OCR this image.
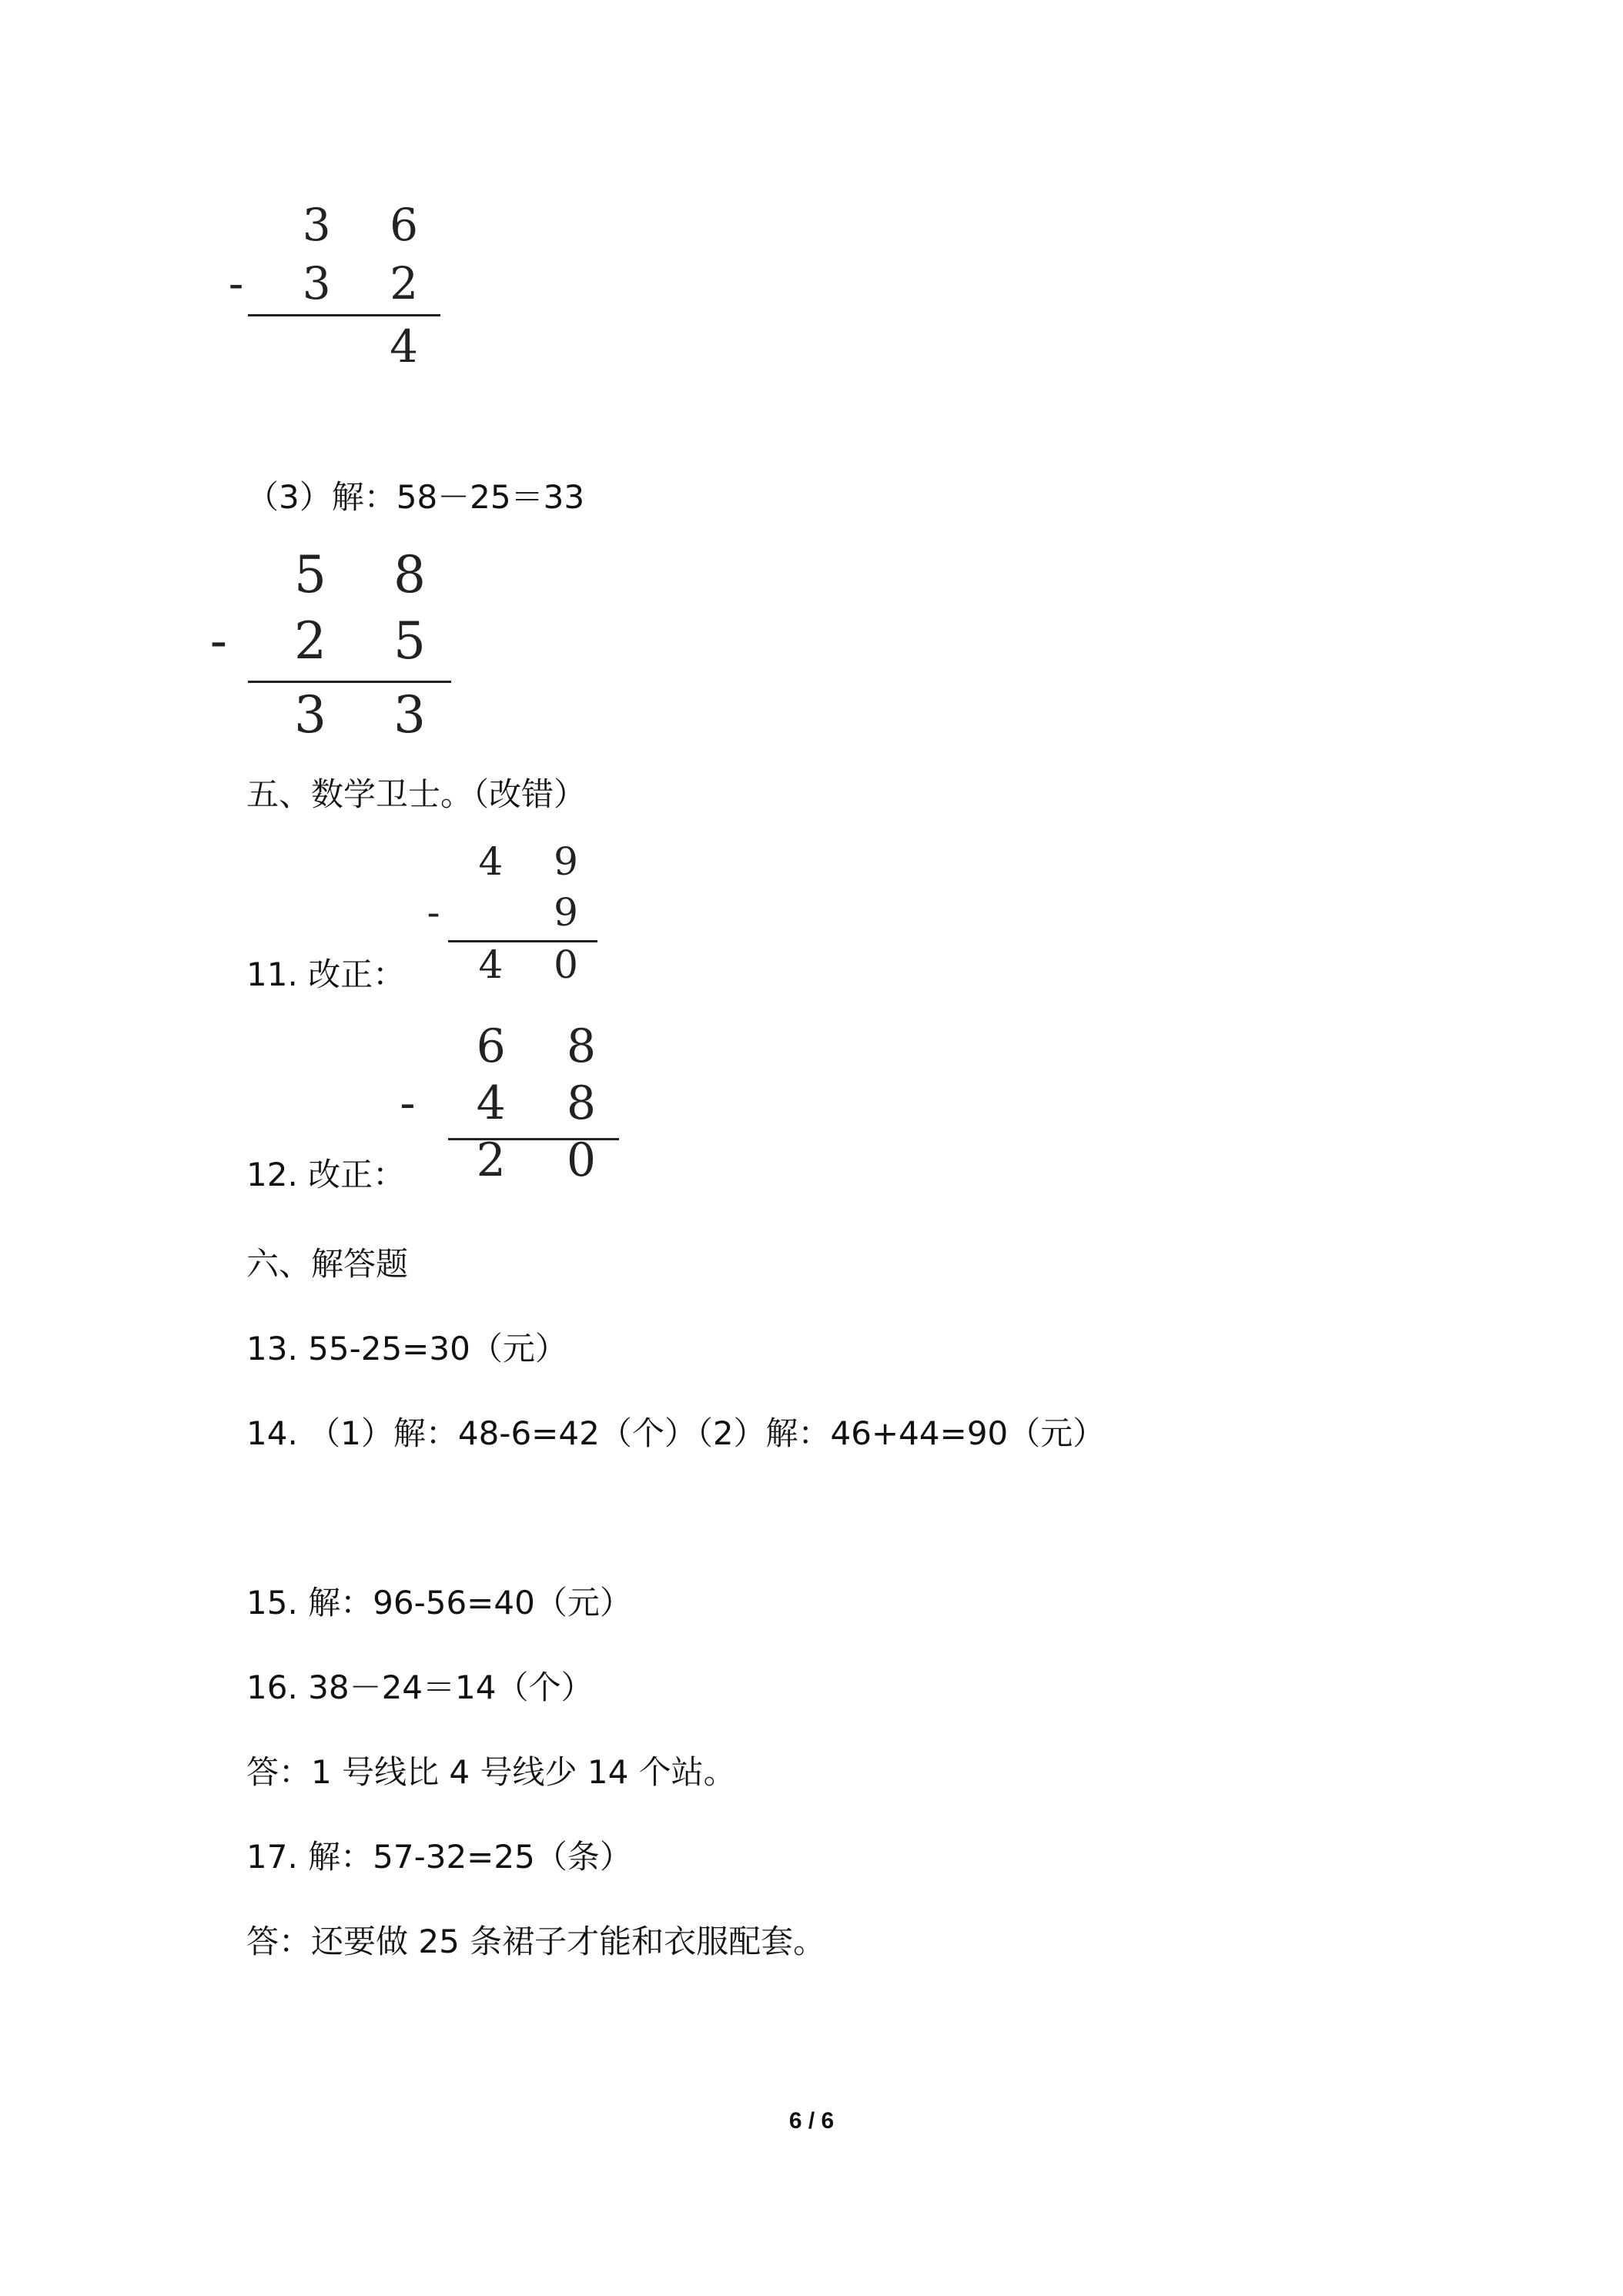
3 6
- 3 2
4
（3）解：58－25＝33
5 8
- 2 5
3 3
五、数学卫士。（改错）
11. 改正：
4 9
-   9
4 0
12. 改正：
6 8
- 4 8
2 0
六、解答题
13. 55-25=30（元）
14. （1）解：48-6=42（个）（2）解：46+44=90（元）
15. 解：96-56=40（元）
16. 38－24＝14（个）
答：1 号线比 4 号线少 14 个站。
17. 解：57-32=25（条）
答：还要做 25 条裙子才能和衣服配套。
6 / 6
